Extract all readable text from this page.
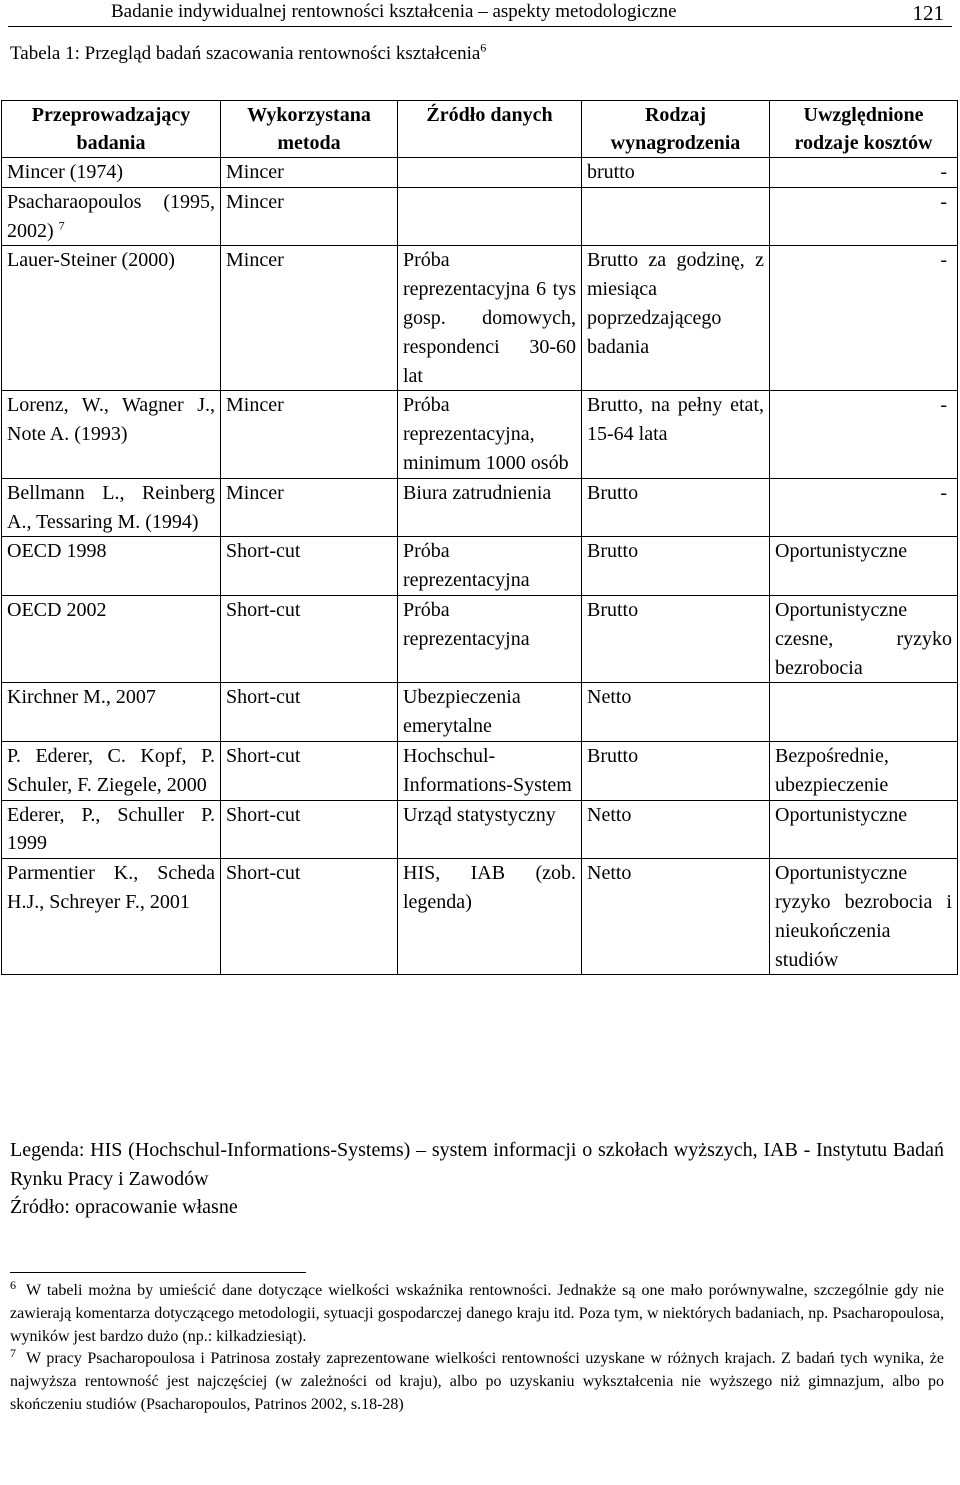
Badanie indywidualnej rentowności kształcenia – aspekty metodologiczne	121
Tabela 1: Przegląd badań szacowania rentowności kształcenia$^6$
Przeprowadzający badania	Wykorzystana metoda	Źródło danych	Rodzaj wynagrodzenia	Uwzględnione rodzaje kosztów
Mincer (1974)	Mincer		brutto	-
Psacharaopoulos (1995, 2002) $^7$	Mincer			-
Lauer-Steiner (2000)	Mincer	Próba reprezentacyjna 6 tys gosp. domowych, respondenci 30-60 lat	Brutto za godzinę, z miesiąca poprzedzającego badania	-
Lorenz, W., Wagner J., Note A. (1993)	Mincer	Próba reprezentacyjna, minimum 1000 osób	Brutto, na pełny etat, 15-64 lata	-
Bellmann L., Reinberg A., Tessaring M. (1994)	Mincer	Biura zatrudnienia	Brutto	-
OECD 1998	Short-cut	Próba reprezentacyjna	Brutto	Oportunistyczne
OECD 2002	Short-cut	Próba reprezentacyjna	Brutto	Oportunistyczne czesne, ryzyko bezrobocia
Kirchner M., 2007	Short-cut	Ubezpieczenia emerytalne	Netto	
P. Ederer, C. Kopf, P. Schuler, F. Ziegele, 2000	Short-cut	Hochschul-Informations-System	Brutto	Bezpośrednie, ubezpieczenie
Ederer, P., Schuller P. 1999	Short-cut	Urząd statystyczny	Netto	Oportunistyczne
Parmentier K., Scheda H.J., Schreyer F., 2001	Short-cut	HIS, IAB (zob. legenda)	Netto	Oportunistyczne ryzyko bezrobocia i nieukończenia studiów
Legenda: HIS (Hochschul-Informations-Systems) – system informacji o szkołach wyższych, IAB - Instytutu Badań Rynku Pracy i Zawodów
Źródło: opracowanie własne

$^6$ W tabeli można by umieścić dane dotyczące wielkości wskaźnika rentowności. Jednakże są one mało porównywalne, szczególnie gdy nie zawierają komentarza dotyczącego metodologii, sytuacji gospodarczej danego kraju itd. Poza tym, w niektórych badaniach, np. Psacharopoulosa, wyników jest bardzo dużo (np.: kilkadziesiąt).

$^7$ W pracy Psacharopoulosa i Patrinosa zostały zaprezentowane wielkości rentowności uzyskane w różnych krajach. Z badań tych wynika, że najwyższa rentowność jest najczęściej (w zależności od kraju), albo po uzyskaniu wykształcenia nie wyższego niż gimnazjum, albo po skończeniu studiów (Psacharopoulos, Patrinos 2002, s.18-28)
